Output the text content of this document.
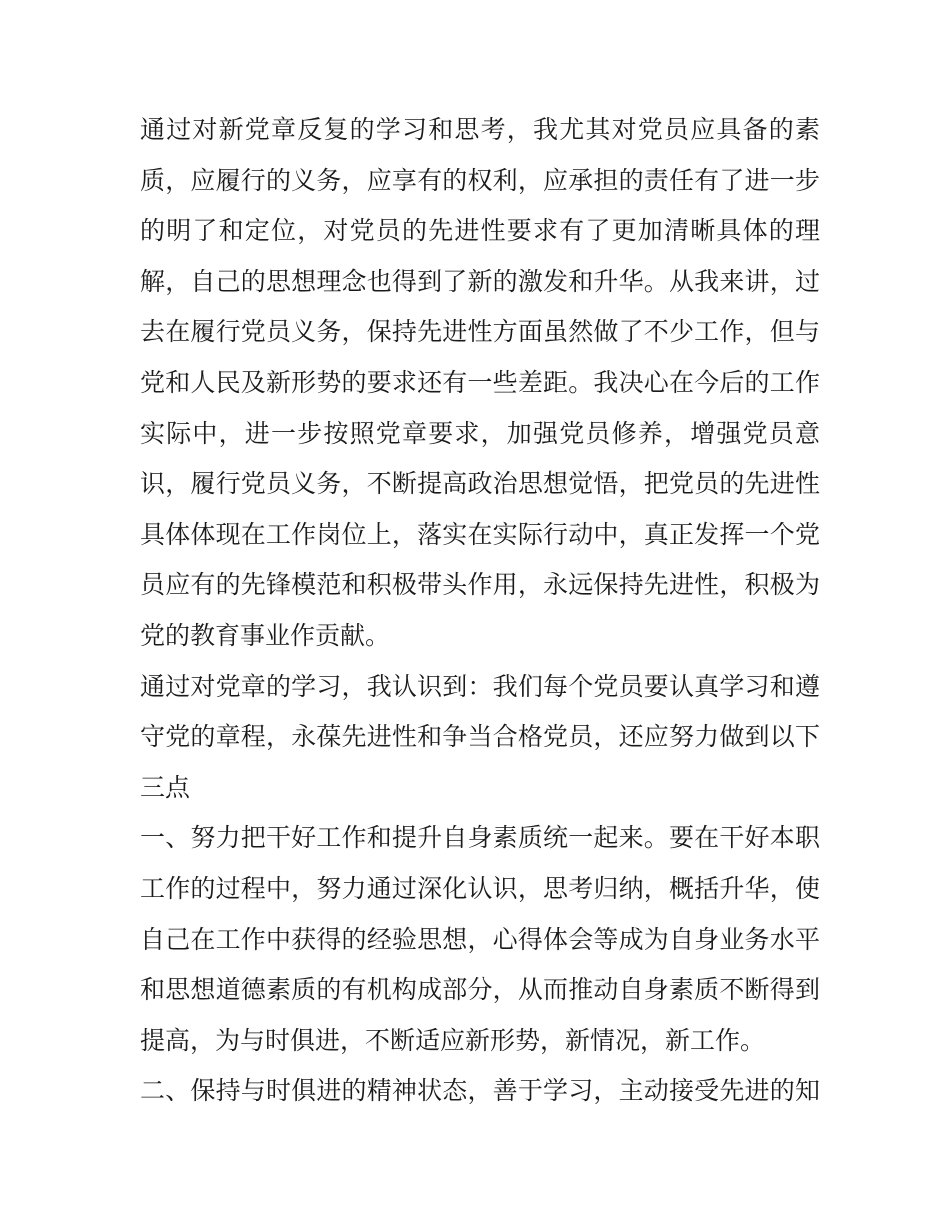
通过对新党章反复的学习和思考，我尤其对党员应具备的素
质，应履行的义务，应享有的权利，应承担的责任有了进一步
的明了和定位，对党员的先进性要求有了更加清晰具体的理
解，自己的思想理念也得到了新的激发和升华。从我来讲，过
去在履行党员义务，保持先进性方面虽然做了不少工作，但与
党和人民及新形势的要求还有一些差距。我决心在今后的工作
实际中，进一步按照党章要求，加强党员修养，增强党员意
识，履行党员义务，不断提高政治思想觉悟，把党员的先进性
具体体现在工作岗位上，落实在实际行动中，真正发挥一个党
员应有的先锋模范和积极带头作用，永远保持先进性，积极为
党的教育事业作贡献。
通过对党章的学习，我认识到：我们每个党员要认真学习和遵
守党的章程，永葆先进性和争当合格党员，还应努力做到以下
三点
一、努力把干好工作和提升自身素质统一起来。要在干好本职
工作的过程中，努力通过深化认识，思考归纳，概括升华，使
自己在工作中获得的经验思想，心得体会等成为自身业务水平
和思想道德素质的有机构成部分，从而推动自身素质不断得到
提高，为与时俱进，不断适应新形势，新情况，新工作。
二、保持与时俱进的精神状态，善于学习，主动接受先进的知
